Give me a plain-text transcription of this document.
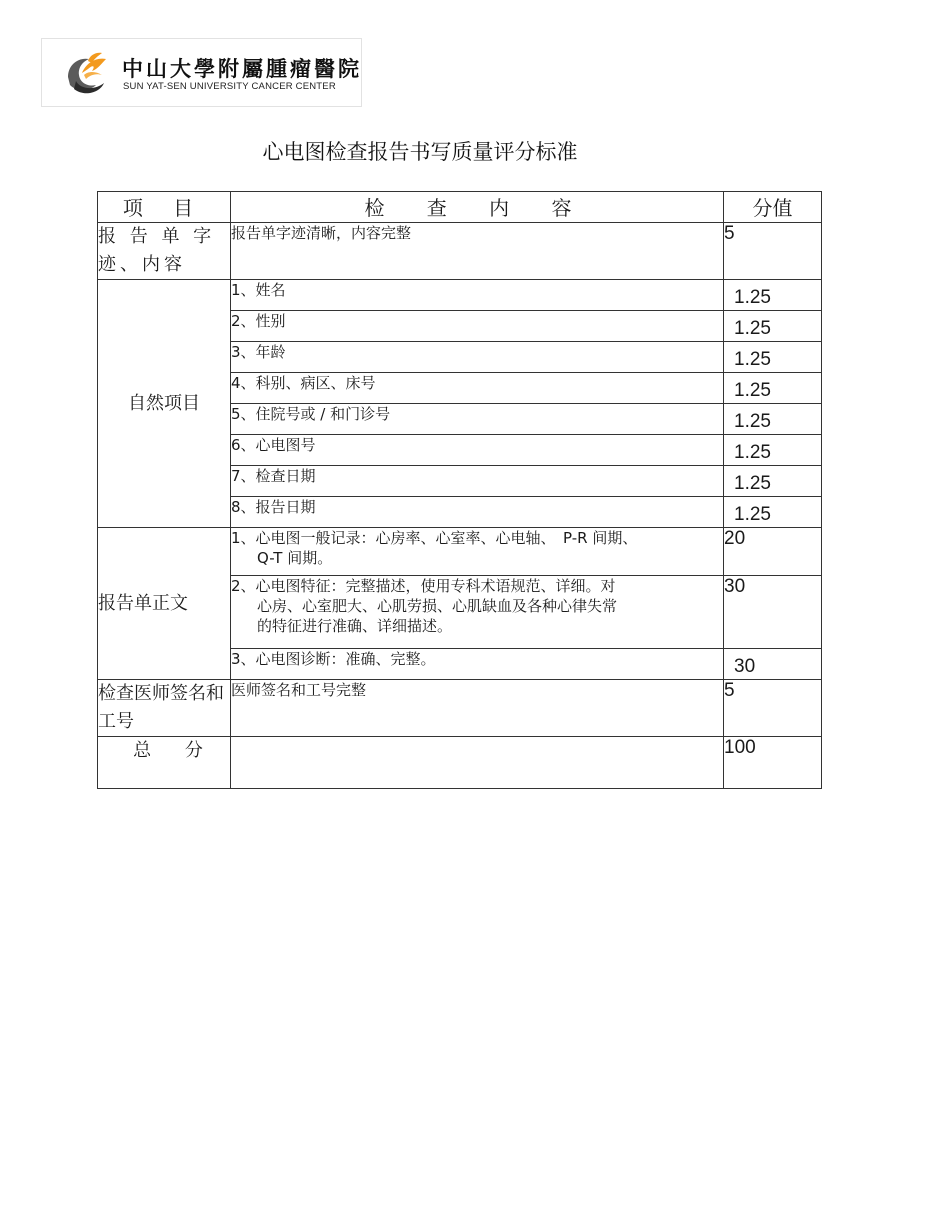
中山大學附屬腫瘤醫院
SUN YAT-SEN UNIVERSITY CANCER CENTER
心电图检查报告书写质量评分标准
项 目	检 查 内 容	分值
报 告 单 字迹、内容	报告单字迹清晰，内容完整	5
自然项目	1、姓名	1.25
	2、性别	1.25
	3、年龄	1.25
	4、科别、病区、床号	1.25
	5、住院号或 / 和门诊号	1.25
	6、心电图号	1.25
	7、检查日期	1.25
	8、报告日期	1.25
报告单正文	1、心电图一般记录：心房率、心室率、心电轴、　P-R 间期、
Q-T 间期。	20
	2、心电图特征：完整描述，使用专科术语规范、详细。对
心房、心室肥大、心肌劳损、心肌缺血及各种心律失常
的特征进行准确、详细描述。	30
	3、心电图诊断：准确、完整。	30
检查医师签名和工号	医师签名和工号完整	5
总 分		100
